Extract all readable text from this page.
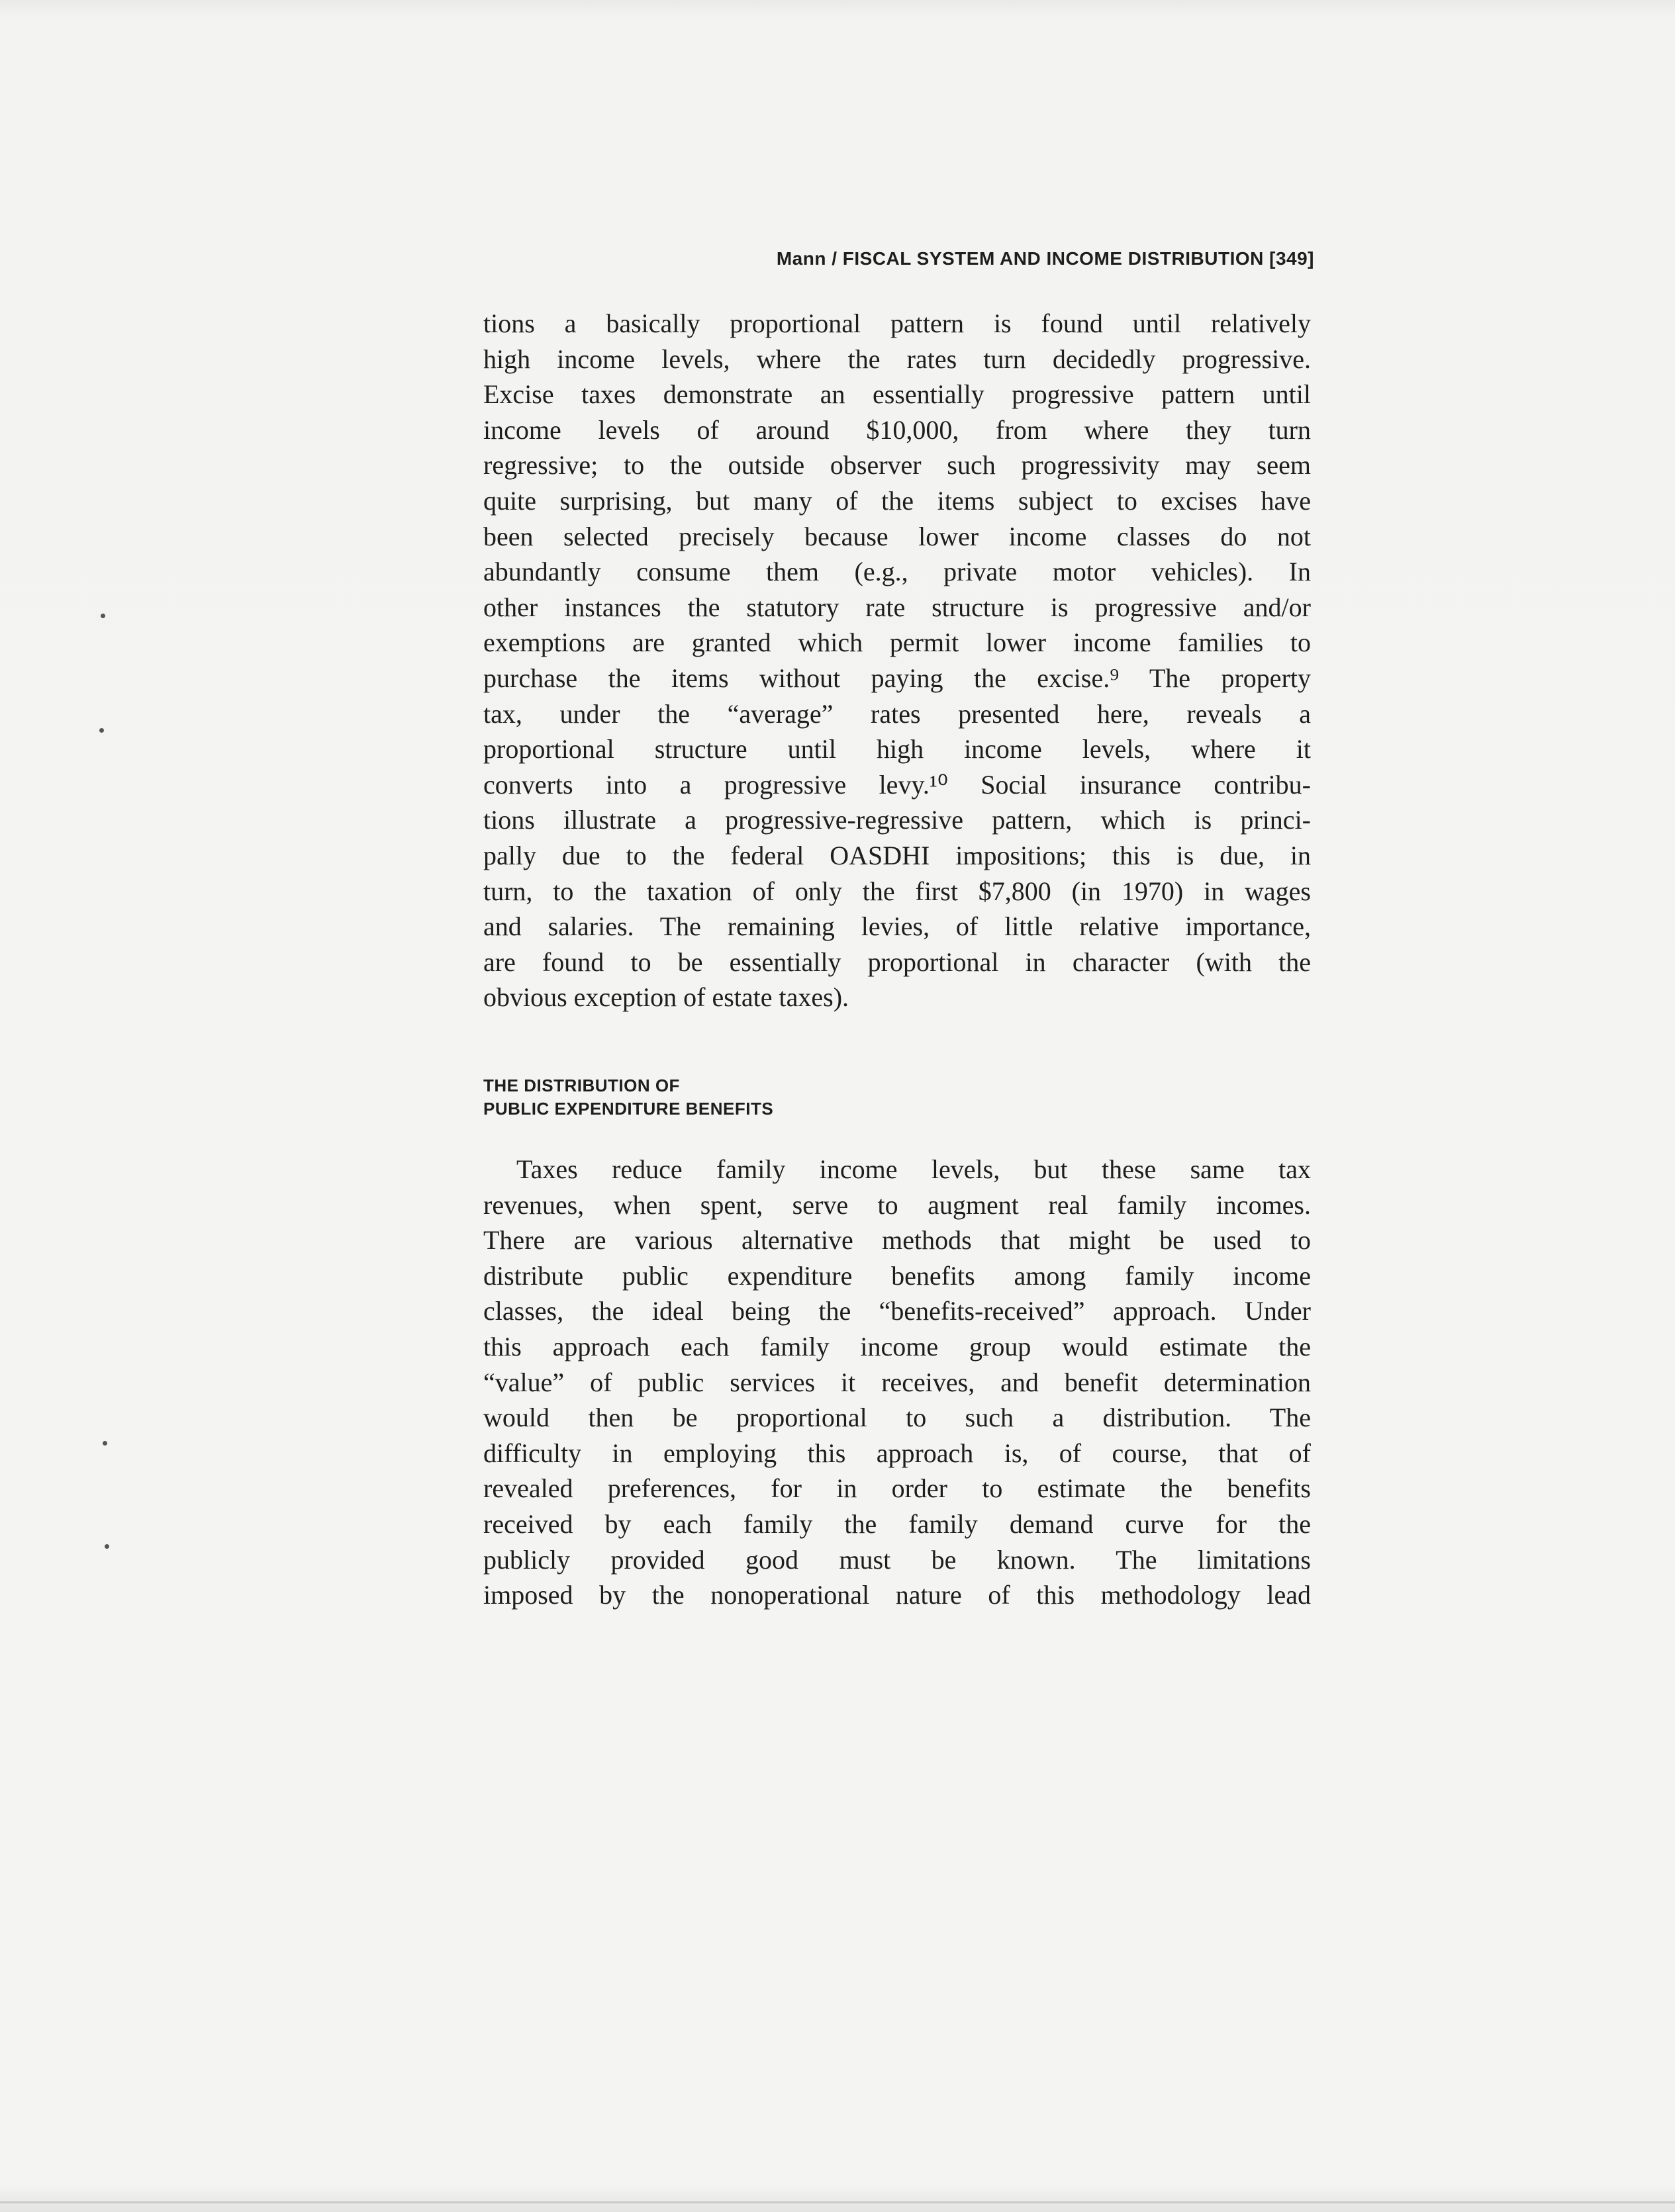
Mann / FISCAL SYSTEM AND INCOME DISTRIBUTION [349]
tions a basically proportional pattern is found until relatively
high income levels, where the rates turn decidedly progressive.
Excise taxes demonstrate an essentially progressive pattern until
income levels of around $10,000, from where they turn
regressive; to the outside observer such progressivity may seem
quite surprising, but many of the items subject to excises have
been selected precisely because lower income classes do not
abundantly consume them (e.g., private motor vehicles). In
other instances the statutory rate structure is progressive and/or
exemptions are granted which permit lower income families to
purchase the items without paying the excise.⁹ The property
tax, under the “average” rates presented here, reveals a
proportional structure until high income levels, where it
converts into a progressive levy.¹⁰ Social insurance contribu-
tions illustrate a progressive-regressive pattern, which is princi-
pally due to the federal OASDHI impositions; this is due, in
turn, to the taxation of only the first $7,800 (in 1970) in wages
and salaries. The remaining levies, of little relative importance,
are found to be essentially proportional in character (with the
obvious exception of estate taxes).
THE DISTRIBUTION OF
PUBLIC EXPENDITURE BENEFITS
Taxes reduce family income levels, but these same tax
revenues, when spent, serve to augment real family incomes.
There are various alternative methods that might be used to
distribute public expenditure benefits among family income
classes, the ideal being the “benefits-received” approach. Under
this approach each family income group would estimate the
“value” of public services it receives, and benefit determination
would then be proportional to such a distribution. The
difficulty in employing this approach is, of course, that of
revealed preferences, for in order to estimate the benefits
received by each family the family demand curve for the
publicly provided good must be known. The limitations
imposed by the nonoperational nature of this methodology lead
